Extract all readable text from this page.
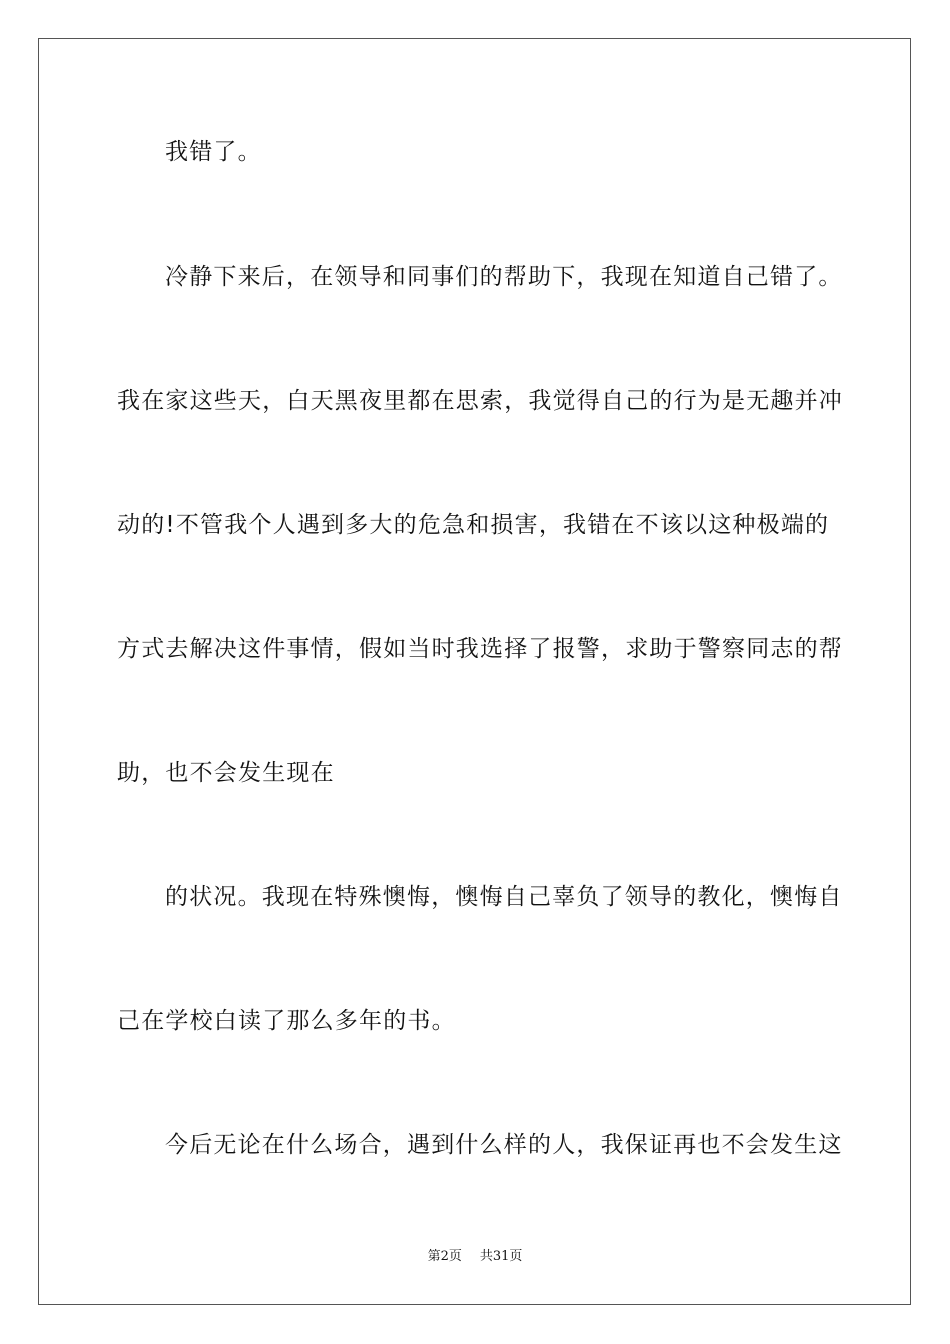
我错了。
冷静下来后，在领导和同事们的帮助下，我现在知道自己错了。
我在家这些天，白天黑夜里都在思索，我觉得自己的行为是无趣并冲
动的!不管我个人遇到多大的危急和损害，我错在不该以这种极端的
方式去解决这件事情，假如当时我选择了报警，求助于警察同志的帮
助，也不会发生现在
的状况。我现在特殊懊悔，懊悔自己辜负了领导的教化，懊悔自
己在学校白读了那么多年的书。
今后无论在什么场合，遇到什么样的人，我保证再也不会发生这
第2页 共31页
